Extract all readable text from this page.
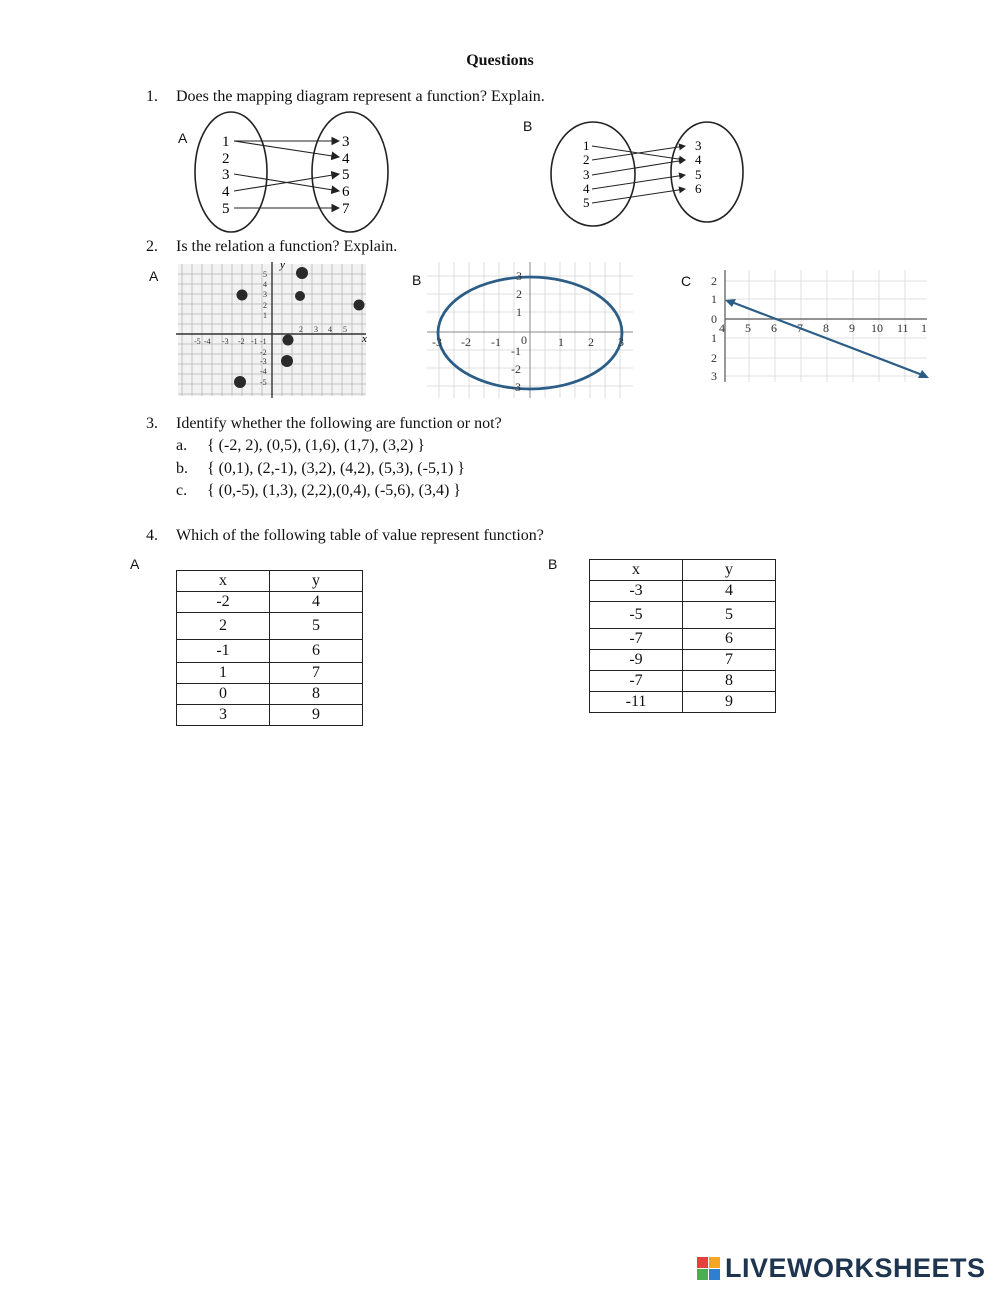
Questions
1. Does the mapping diagram represent a function? Explain.
A 1
2
3
4
5
3
4
5
6
7
B
1
2
3
4
5
3
4
5
6
2. Is the relation a function? Explain.
A
y
x
-5 -4 -3 -2 -1
2 3 4 5
5
4
3
2
1
-1
-2
-3
-4
-5
B
-3 -2 -1 0	1 2 3
3
2
1
-1
-2
-3
C
4 5 6	8 9 10 11 1
2
1
0
1
2
3
3. Identify whether the following are function or not?
a. { (-2, 2), (0,5), (1,6), (1,7), (3,2) }
b. { (0,1), (2,-1), (3,2), (4,2), (5,3), (-5,1) }
c. { (0,-5), (1,3), (2,2),(0,4), (-5,6), (3,4) }
4. Which of the following table of value represent function?
A
x	y
-2	4
2	5
-1	6
1	7
0	8
3	9
B	x	y
-3	4
-5	5
-7	6
-9	7
-7	8
-11	9
LIVEWORKSHEETS
